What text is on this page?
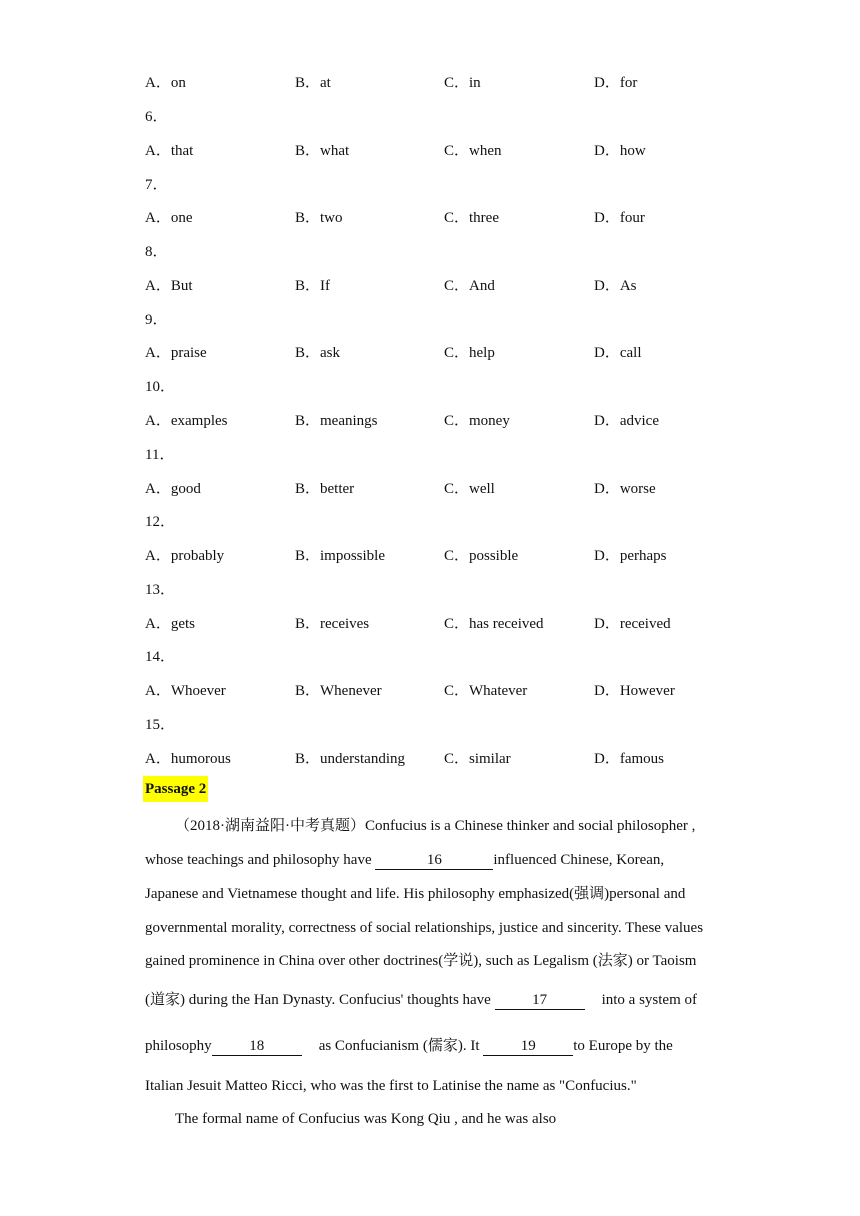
A．on	B．at	C．in	D．for
6．
A．that	B．what	C．when	D．how
7．
A．one	B．two	C．three	D．four
8．
A．But	B．If	C．And	D．As
9．
A．praise	B．ask	C．help	D．call
10．
A．examples	B．meanings	C．money	D．advice
11．
A．good	B．better	C．well	D．worse
12．
A．probably	B．impossible	C．possible	D．perhaps
13．
A．gets	B．receives	C．has received	D．received
14．
A．Whoever	B．Whenever	C．Whatever	D．However
15．
A．humorous	B．understanding	C．similar	D．famous
Passage 2
（2018·湖南益阳·中考真题）Confucius is a Chinese thinker and social philosopher ,
whose teachings and philosophy have	16	influenced Chinese, Korean,
Japanese and Vietnamese thought and life. His philosophy emphasized(强调)personal and
governmental morality, correctness of social relationships, justice and sincerity. These values
gained prominence in China over other doctrines(学说), such as Legalism (法家) or Taoism
(道家) during the Han Dynasty. Confucius' thoughts have	17	into a system of
philosophy	18	as Confucianism (儒家). It	19	to Europe by the
Italian Jesuit Matteo Ricci, who was the first to Latinise the name as "Confucius."
The formal name of Confucius was Kong Qiu , and he was also
